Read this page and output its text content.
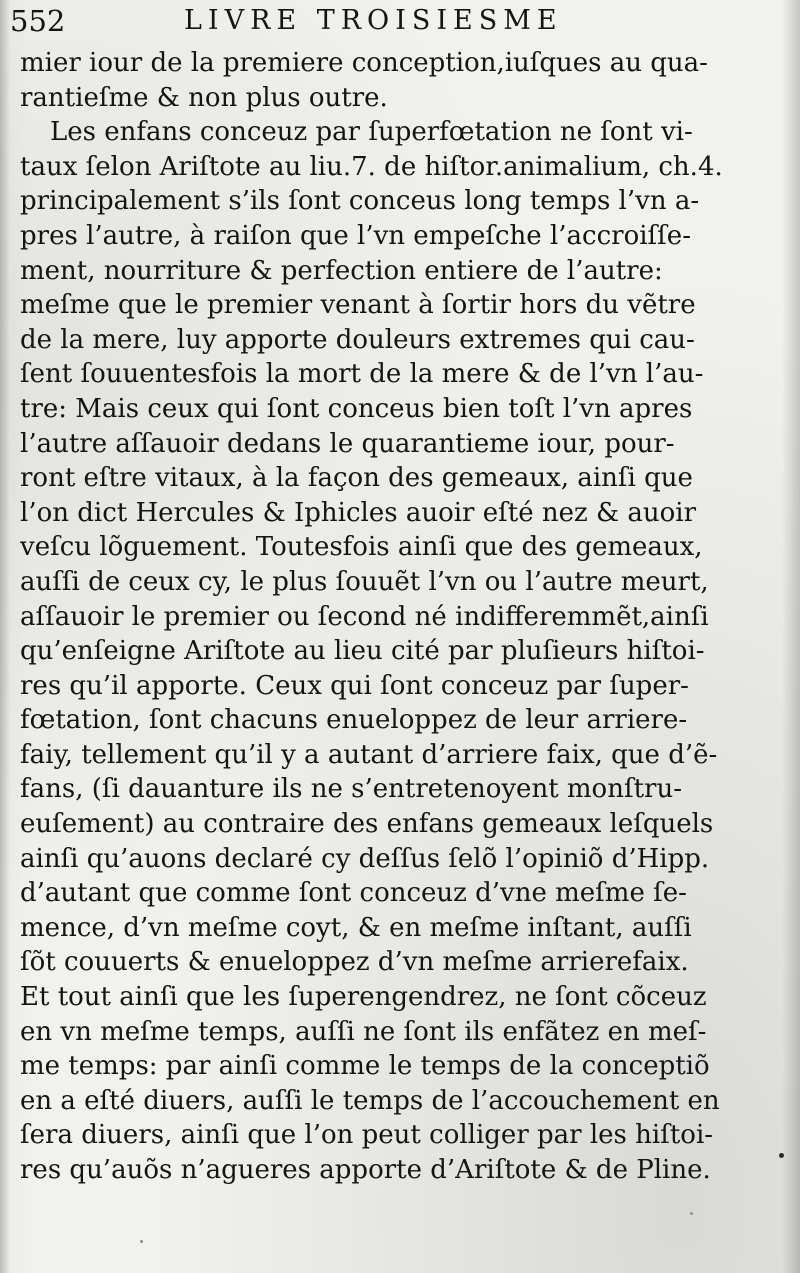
552	LIVRE TROISIESME
mier iour de la premiere conception,iuſques au qua-
rantieſme & non plus outre.
Les enfans conceuz par ſuperfœtation ne ſont vi-
taux ſelon Ariſtote au liu.7. de hiſtor.animalium, ch.4.
principalement s’ils ſont conceus long temps l’vn a-
pres l’autre, à raiſon que l’vn empeſche l’accroiſſe-
ment, nourriture & perfection entiere de l’autre:
meſme que le premier venant à ſortir hors du vẽtre
de la mere, luy apporte douleurs extremes qui cau-
ſent ſouuentesfois la mort de la mere & de l’vn l’au-
tre: Mais ceux qui ſont conceus bien toſt l’vn apres
l’autre aſſauoir dedans le quarantieme iour, pour-
ront eſtre vitaux, à la façon des gemeaux, ainſi que
l’on dict Hercules & Iphicles auoir eſté nez & auoir
veſcu lõguement. Toutesfois ainſi que des gemeaux,
auſſi de ceux cy, le plus ſouuẽt l’vn ou l’autre meurt,
aſſauoir le premier ou ſecond né indifferemmẽt,ainſi
qu’enſeigne Ariſtote au lieu cité par pluſieurs hiſtoi-
res qu’il apporte. Ceux qui ſont conceuz par ſuper-
fœtation, ſont chacuns enueloppez de leur arriere-
faiy, tellement qu’il y a autant d’arriere faix, que d’ẽ-
fans, (ſi dauanture ils ne s’entretenoyent monſtru-
euſement) au contraire des enfans gemeaux leſquels
ainſi qu’auons declaré cy deſſus ſelõ l’opiniõ d’Hipp.
d’autant que comme ſont conceuz d’vne meſme ſe-
mence, d’vn meſme coyt, & en meſme inſtant, auſſi
ſõt couuerts & enueloppez d’vn meſme arrierefaix.
Et tout ainſi que les ſuperengendrez, ne ſont cõceuz
en vn meſme temps, auſſi ne ſont ils enfãtez en meſ-
me temps: par ainſi comme le temps de la conceptiõ
en a eſté diuers, auſſi le temps de l’accouchement en
ſera diuers, ainſi que l’on peut colliger par les hiſtoi-
res qu’auõs n’agueres apporte d’Ariſtote & de Pline.
